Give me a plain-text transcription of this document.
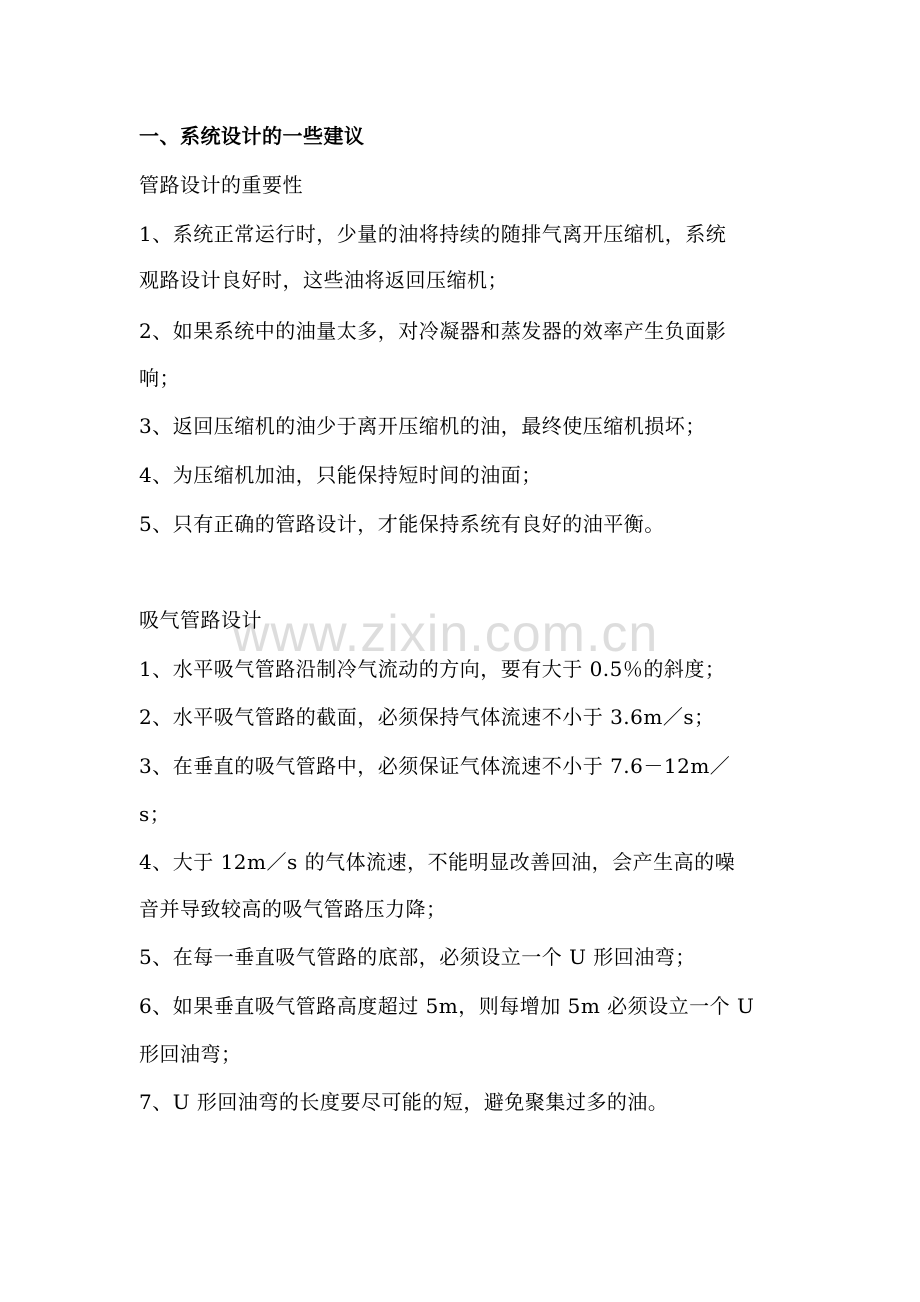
一、系统设计的一些建议
管路设计的重要性
1、系统正常运行时，少量的油将持续的随排气离开压缩机，系统
观路设计良好时，这些油将返回压缩机；
2、如果系统中的油量太多，对冷凝器和蒸发器的效率产生负面影
响；
3、返回压缩机的油少于离开压缩机的油，最终使压缩机损坏；
4、为压缩机加油，只能保持短时间的油面；
5、只有正确的管路设计，才能保持系统有良好的油平衡。
吸气管路设计
1、水平吸气管路沿制冷气流动的方向，要有大于 0.5％的斜度；
2、水平吸气管路的截面，必须保持气体流速不小于 3.6m／s；
3、在垂直的吸气管路中，必须保证气体流速不小于 7.6－12m／
s；
4、大于 12m／s 的气体流速，不能明显改善回油，会产生高的噪
音并导致较高的吸气管路压力降；
5、在每一垂直吸气管路的底部，必须设立一个 U 形回油弯；
6、如果垂直吸气管路高度超过 5m，则每增加 5m 必须设立一个 U
形回油弯；
7、U 形回油弯的长度要尽可能的短，避免聚集过多的油。
www.zixin.com.cn
